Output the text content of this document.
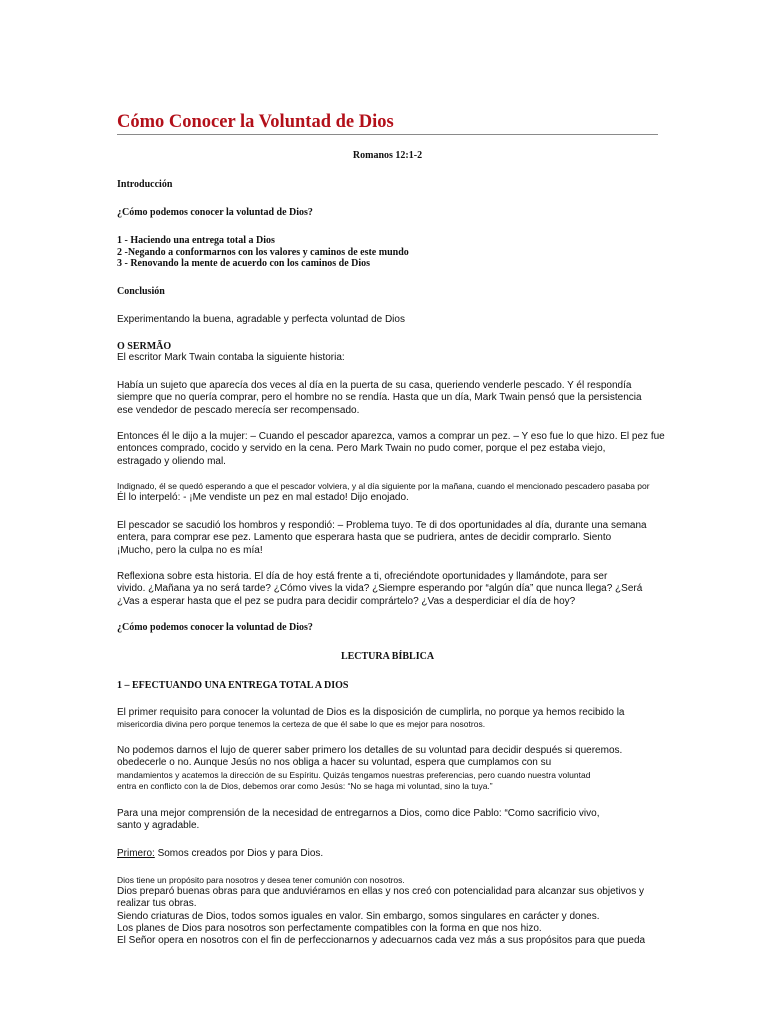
Cómo Conocer la Voluntad de Dios
Romanos 12:1-2
Introducción
¿Cómo podemos conocer la voluntad de Dios?
1 - Haciendo una entrega total a Dios
2 -Negando a conformarnos con los valores y caminos de este mundo
3 - Renovando la mente de acuerdo con los caminos de Dios
Conclusión
Experimentando la buena, agradable y perfecta voluntad de Dios
O SERMÃO
El escritor Mark Twain contaba la siguiente historia:
Había un sujeto que aparecía dos veces al día en la puerta de su casa, queriendo venderle pescado. Y él respondía
siempre que no quería comprar, pero el hombre no se rendía. Hasta que un día, Mark Twain pensó que la persistencia
ese vendedor de pescado merecía ser recompensado.
Entonces él le dijo a la mujer: – Cuando el pescador aparezca, vamos a comprar un pez. – Y eso fue lo que hizo. El pez fue
entonces comprado, cocido y servido en la cena. Pero Mark Twain no pudo comer, porque el pez estaba viejo,
estragado y oliendo mal.
Indignado, él se quedó esperando a que el pescador volviera, y al día siguiente por la mañana, cuando el mencionado pescadero pasaba por
Él lo interpeló: - ¡Me vendiste un pez en mal estado! Dijo enojado.
El pescador se sacudió los hombros y respondió: – Problema tuyo. Te di dos oportunidades al día, durante una semana
entera, para comprar ese pez. Lamento que esperara hasta que se pudriera, antes de decidir comprarlo. Siento
¡Mucho, pero la culpa no es mía!
Reflexiona sobre esta historia. El día de hoy está frente a ti, ofreciéndote oportunidades y llamándote, para ser
vivido. ¿Mañana ya no será tarde? ¿Cómo vives la vida? ¿Siempre esperando por “algún día” que nunca llega? ¿Será
¿Vas a esperar hasta que el pez se pudra para decidir comprártelo? ¿Vas a desperdiciar el día de hoy?
¿Cómo podemos conocer la voluntad de Dios?
LECTURA BÍBLICA
1 – EFECTUANDO UNA ENTREGA TOTAL A DIOS
El primer requisito para conocer la voluntad de Dios es la disposición de cumplirla, no porque ya hemos recibido la
misericordia divina pero porque tenemos la certeza de que él sabe lo que es mejor para nosotros.
No podemos darnos el lujo de querer saber primero los detalles de su voluntad para decidir después si queremos.
obedecerle o no. Aunque Jesús no nos obliga a hacer su voluntad, espera que cumplamos con su
mandamientos y acatemos la dirección de su Espíritu. Quizás tengamos nuestras preferencias, pero cuando nuestra voluntad
entra en conflicto con la de Dios, debemos orar como Jesús: “No se haga mi voluntad, sino la tuya.”
Para una mejor comprensión de la necesidad de entregarnos a Dios, como dice Pablo: “Como sacrificio vivo,
santo y agradable.
Primero: Somos creados por Dios y para Dios.
Dios tiene un propósito para nosotros y desea tener comunión con nosotros.
Dios preparó buenas obras para que anduviéramos en ellas y nos creó con potencialidad para alcanzar sus objetivos y
realizar tus obras.
Siendo criaturas de Dios, todos somos iguales en valor. Sin embargo, somos singulares en carácter y dones.
Los planes de Dios para nosotros son perfectamente compatibles con la forma en que nos hizo.
El Señor opera en nosotros con el fin de perfeccionarnos y adecuarnos cada vez más a sus propósitos para que pueda
